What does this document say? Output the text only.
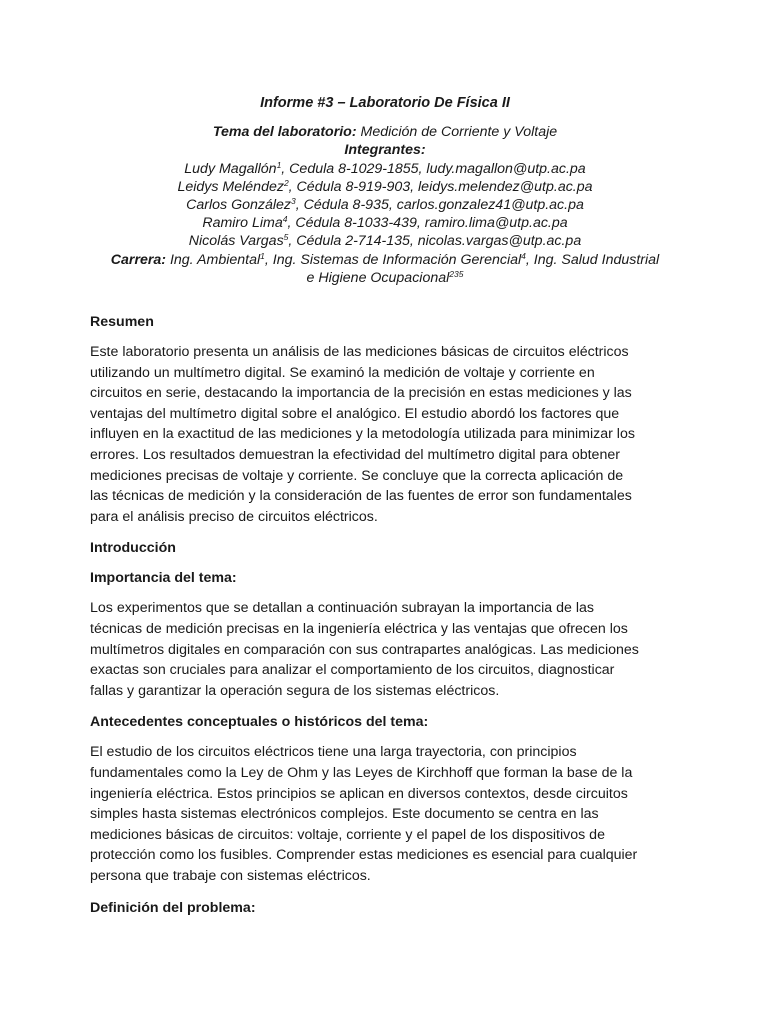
Informe #3 – Laboratorio De Física II
Tema del laboratorio: Medición de Corriente y Voltaje
Integrantes:
Ludy Magallón$^1$, Cedula 8-1029-1855, ludy.magallon@utp.ac.pa
Leidys Meléndez$^2$, Cédula 8-919-903, leidys.melendez@utp.ac.pa
Carlos González$^3$, Cédula 8-935, carlos.gonzalez41@utp.ac.pa
Ramiro Lima$^4$, Cédula 8-1033-439, ramiro.lima@utp.ac.pa
Nicolás Vargas$^5$, Cédula 2-714-135, nicolas.vargas@utp.ac.pa
Carrera: Ing. Ambiental$^1$, Ing. Sistemas de Información Gerencial$^4$, Ing. Salud Industrial
e Higiene Ocupacional$^{235}$
Resumen

Este laboratorio presenta un análisis de las mediciones básicas de circuitos eléctricos
utilizando un multímetro digital. Se examinó la medición de voltaje y corriente en
circuitos en serie, destacando la importancia de la precisión en estas mediciones y las
ventajas del multímetro digital sobre el analógico. El estudio abordó los factores que
influyen en la exactitud de las mediciones y la metodología utilizada para minimizar los
errores. Los resultados demuestran la efectividad del multímetro digital para obtener
mediciones precisas de voltaje y corriente. Se concluye que la correcta aplicación de
las técnicas de medición y la consideración de las fuentes de error son fundamentales
para el análisis preciso de circuitos eléctricos.

Introducción
Importancia del tema:

Los experimentos que se detallan a continuación subrayan la importancia de las
técnicas de medición precisas en la ingeniería eléctrica y las ventajas que ofrecen los
multímetros digitales en comparación con sus contrapartes analógicas. Las mediciones
exactas son cruciales para analizar el comportamiento de los circuitos, diagnosticar
fallas y garantizar la operación segura de los sistemas eléctricos.

Antecedentes conceptuales o históricos del tema:

El estudio de los circuitos eléctricos tiene una larga trayectoria, con principios
fundamentales como la Ley de Ohm y las Leyes de Kirchhoff que forman la base de la
ingeniería eléctrica. Estos principios se aplican en diversos contextos, desde circuitos
simples hasta sistemas electrónicos complejos. Este documento se centra en las
mediciones básicas de circuitos: voltaje, corriente y el papel de los dispositivos de
protección como los fusibles. Comprender estas mediciones es esencial para cualquier
persona que trabaje con sistemas eléctricos.

Definición del problema:
